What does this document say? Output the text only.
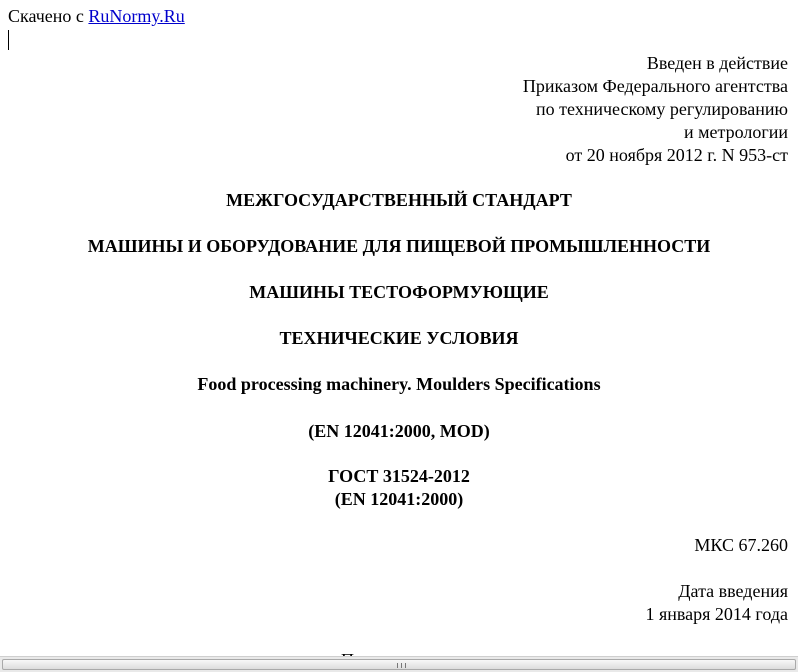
Скачено с RuNormy.Ru
Введен в действие
Приказом Федерального агентства
по техническому регулированию
и метрологии
от 20 ноября 2012 г. N 953-ст
МЕЖГОСУДАРСТВЕННЫЙ СТАНДАРТ
МАШИНЫ И ОБОРУДОВАНИЕ ДЛЯ ПИЩЕВОЙ ПРОМЫШЛЕННОСТИ
МАШИНЫ ТЕСТОФОРМУЮЩИЕ
ТЕХНИЧЕСКИЕ УСЛОВИЯ
Food processing machinery. Moulders Specifications
(EN 12041:2000, MOD)
ГОСТ 31524-2012
(EN 12041:2000)
МКС 67.260
Дата введения
1 января 2014 года
